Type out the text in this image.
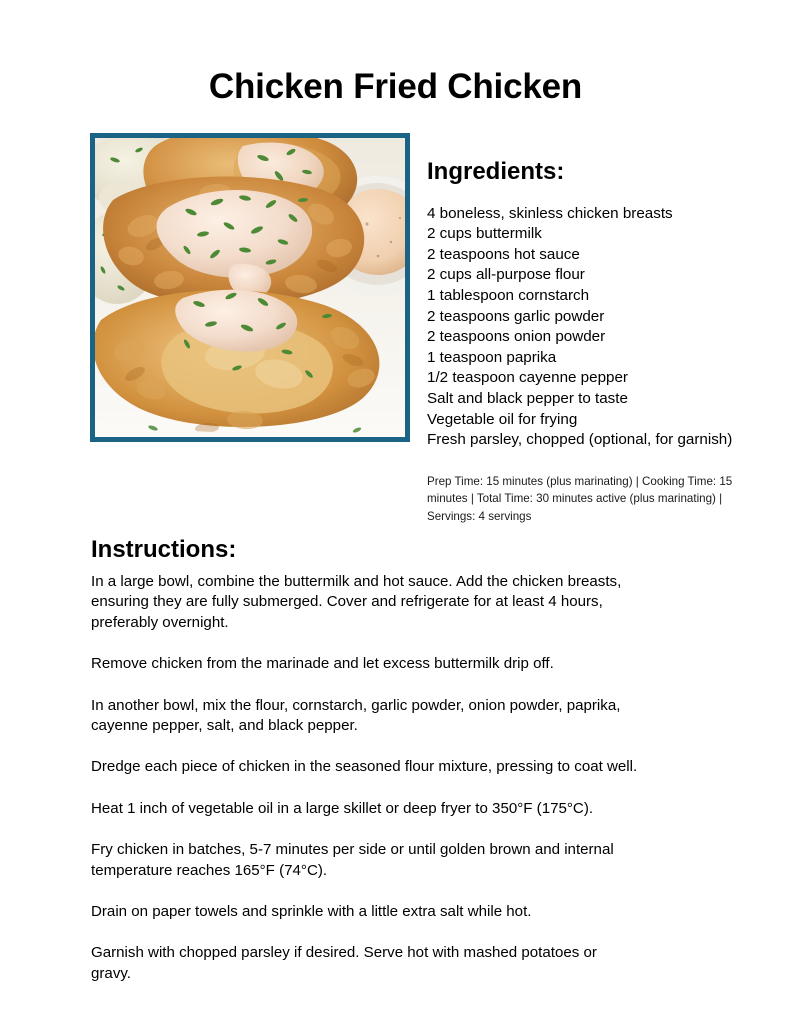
Chicken Fried Chicken
Ingredients:
4 boneless, skinless chicken breasts
2 cups buttermilk
2 teaspoons hot sauce
2 cups all-purpose flour
1 tablespoon cornstarch
2 teaspoons garlic powder
2 teaspoons onion powder
1 teaspoon paprika
1/2 teaspoon cayenne pepper
Salt and black pepper to taste
Vegetable oil for frying
Fresh parsley, chopped (optional, for garnish)
Prep Time: 15 minutes (plus marinating) | Cooking Time: 15 minutes | Total Time: 30 minutes active (plus marinating) | Servings: 4 servings
Instructions:

In a large bowl, combine the buttermilk and hot sauce. Add the chicken breasts, ensuring they are fully submerged. Cover and refrigerate for at least 4 hours, preferably overnight.

Remove chicken from the marinade and let excess buttermilk drip off.

In another bowl, mix the flour, cornstarch, garlic powder, onion powder, paprika, cayenne pepper, salt, and black pepper.

Dredge each piece of chicken in the seasoned flour mixture, pressing to coat well.

Heat 1 inch of vegetable oil in a large skillet or deep fryer to 350°F (175°C).

Fry chicken in batches, 5-7 minutes per side or until golden brown and internal temperature reaches 165°F (74°C).

Drain on paper towels and sprinkle with a little extra salt while hot.

Garnish with chopped parsley if desired. Serve hot with mashed potatoes or gravy.
